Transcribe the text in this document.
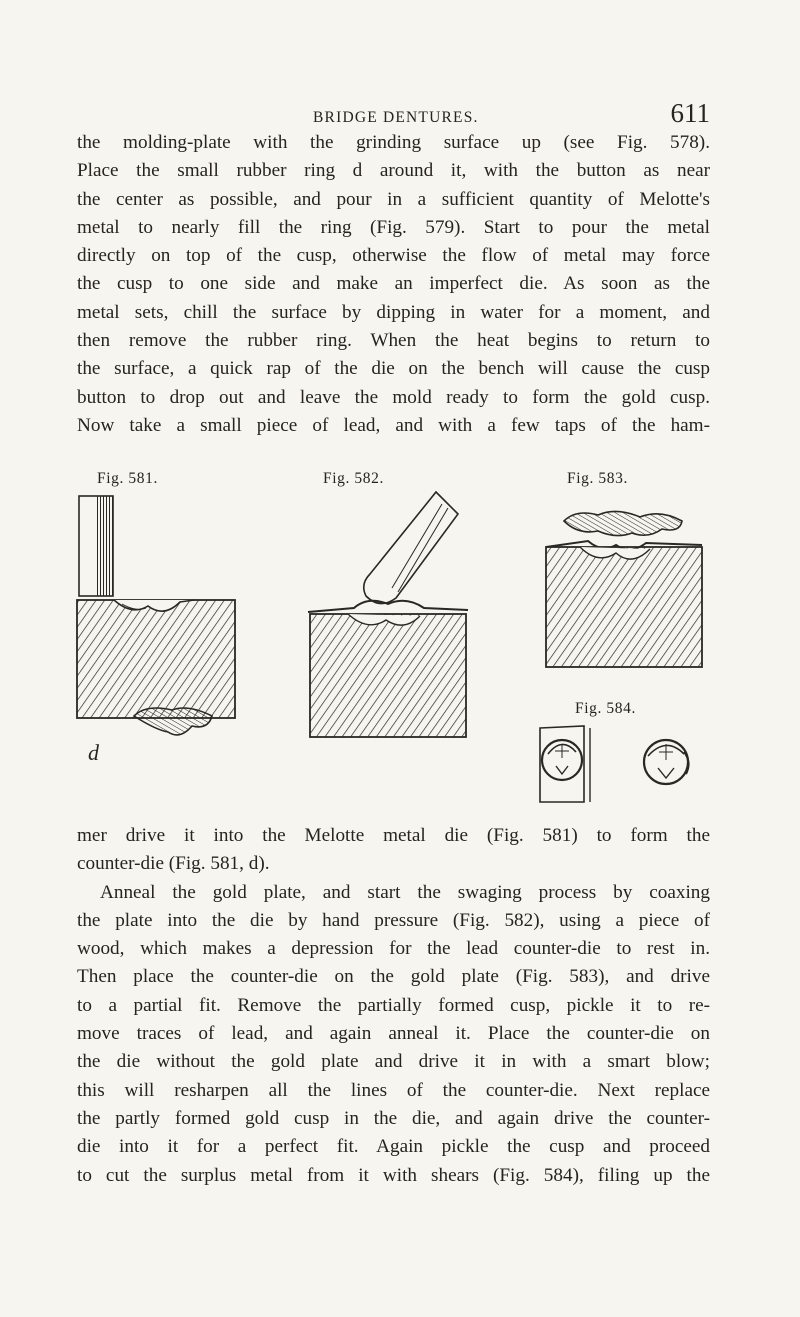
BRIDGE DENTURES.	611
the molding-plate with the grinding surface up (see Fig. 578).
Place the small rubber ring d around it, with the button as near
the center as possible, and pour in a sufficient quantity of Melotte's
metal to nearly fill the ring (Fig. 579). Start to pour the metal
directly on top of the cusp, otherwise the flow of metal may force
the cusp to one side and make an imperfect die. As soon as the
metal sets, chill the surface by dipping in water for a moment, and
then remove the rubber ring. When the heat begins to return to
the surface, a quick rap of the die on the bench will cause the cusp
button to drop out and leave the mold ready to form the gold cusp.
Now take a small piece of lead, and with a few taps of the ham-
Fig. 581.	Fig. 582.	Fig. 583.
Fig. 584.
d
mer drive it into the Melotte metal die (Fig. 581) to form the
counter-die (Fig. 581, d).
Anneal the gold plate, and start the swaging process by coaxing
the plate into the die by hand pressure (Fig. 582), using a piece of
wood, which makes a depression for the lead counter-die to rest in.
Then place the counter-die on the gold plate (Fig. 583), and drive
to a partial fit. Remove the partially formed cusp, pickle it to re-
move traces of lead, and again anneal it. Place the counter-die on
the die without the gold plate and drive it in with a smart blow;
this will resharpen all the lines of the counter-die. Next replace
the partly formed gold cusp in the die, and again drive the counter-
die into it for a perfect fit. Again pickle the cusp and proceed
to cut the surplus metal from it with shears (Fig. 584), filing up the
